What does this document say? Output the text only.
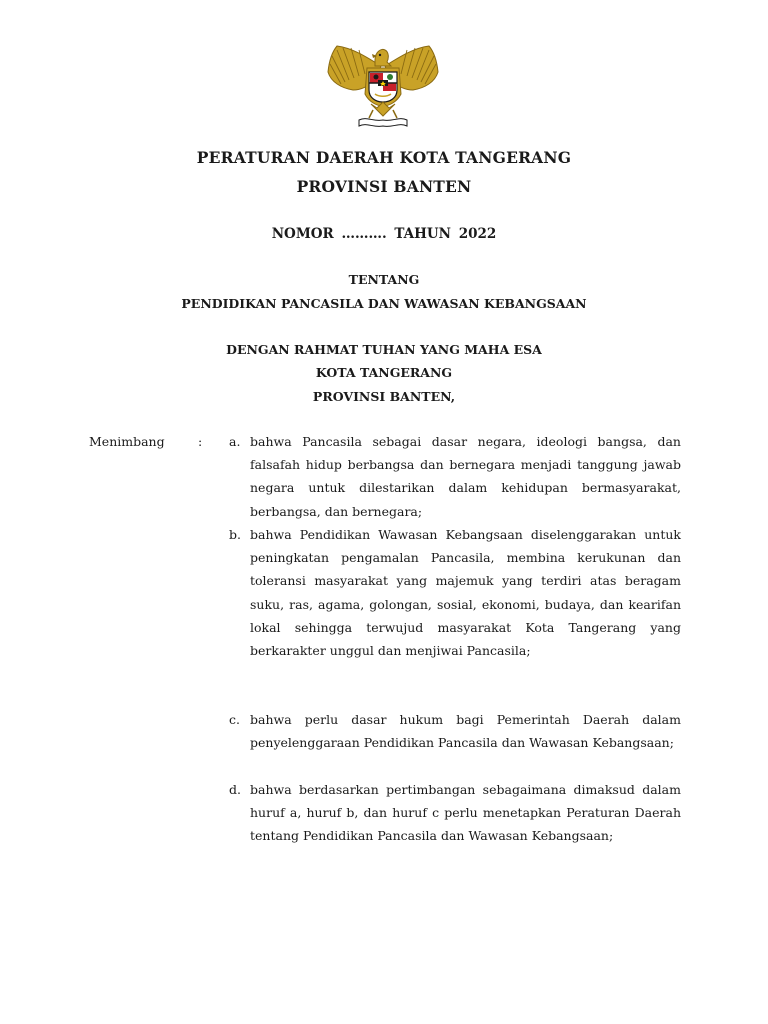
PERATURAN DAERAH KOTA TANGERANG
PROVINSI BANTEN
NOMOR ………. TAHUN 2022
TENTANG
PENDIDIKAN PANCASILA DAN WAWASAN KEBANGSAAN
DENGAN RAHMAT TUHAN YANG MAHA ESA
KOTA TANGERANG
PROVINSI BANTEN,
Menimbang	: a. bahwa Pancasila sebagai dasar negara, ideologi bangsa, dan falsafah hidup berbangsa dan bernegara menjadi tanggung jawab negara untuk dilestarikan dalam kehidupan bermasyarakat, berbangsa, dan bernegara;
b. bahwa Pendidikan Wawasan Kebangsaan diselenggarakan untuk peningkatan pengamalan Pancasila, membina kerukunan dan toleransi masyarakat yang majemuk yang terdiri atas beragam suku, ras, agama, golongan, sosial, ekonomi, budaya, dan kearifan lokal sehingga terwujud masyarakat Kota Tangerang yang berkarakter unggul dan menjiwai Pancasila;
c. bahwa perlu dasar hukum bagi Pemerintah Daerah dalam penyelenggaraan Pendidikan Pancasila dan Wawasan Kebangsaan;
d. bahwa berdasarkan pertimbangan sebagaimana dimaksud dalam huruf a, huruf b, dan huruf c perlu menetapkan Peraturan Daerah tentang Pendidikan Pancasila dan Wawasan Kebangsaan;
